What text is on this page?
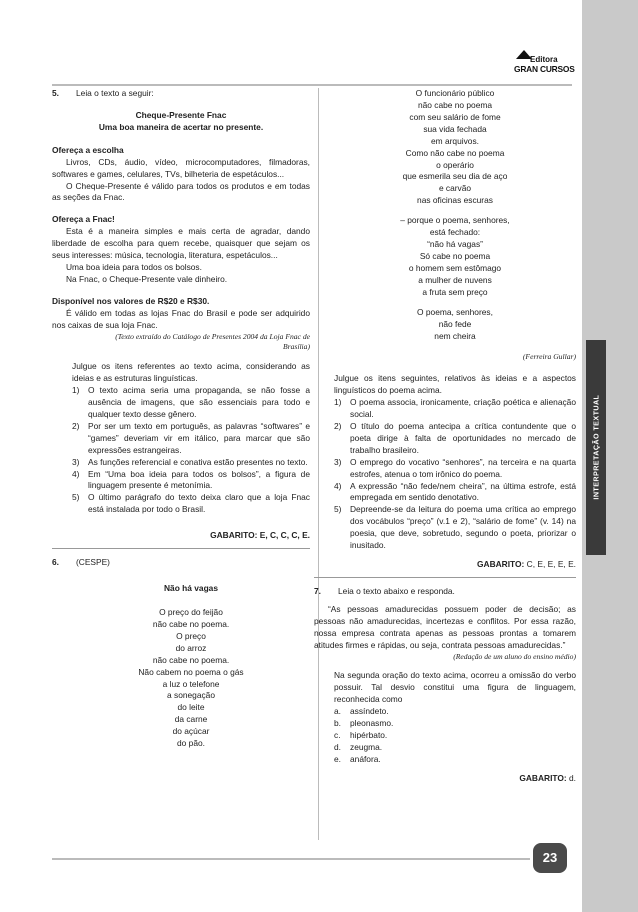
INTERPRETAÇÃO TEXTUAL
Editora
GRAN CURSOS
5.	Leia o texto a seguir:
Cheque-Presente Fnac
Uma boa maneira de acertar no presente.
Ofereça a escolha

Livros, CDs, áudio, vídeo, microcomputadores, filmadoras, softwares e games, celulares, TVs, bilheteria de espetáculos...

O Cheque-Presente é válido para todos os produtos e em todas as seções da Fnac.

Ofereça a Fnac!

Esta é a maneira simples e mais certa de agradar, dando liberdade de escolha para quem recebe, quaisquer que sejam os seus interesses: música, tecnologia, literatura, espetáculos...

Uma boa ideia para todos os bolsos.

Na Fnac, o Cheque-Presente vale dinheiro.

Disponível nos valores de R$20 e R$30.

É válido em todas as lojas Fnac do Brasil e pode ser adquirido nos caixas de sua loja Fnac.

(Texto extraído do Catálogo de Presentes 2004 da Loja Fnac de Brasília)

Julgue os itens referentes ao texto acima, considerando as ideias e as estruturas linguísticas.

1)	O texto acima seria uma propaganda, se não fosse a ausência de imagens, que são essenciais para todo e qualquer texto desse gênero.
2)	Por ser um texto em português, as palavras “softwares” e “games” deveriam vir em itálico, para marcar que são expressões estrangeiras.
3)	As funções referencial e conativa estão presentes no texto.
4)	Em “Uma boa ideia para todos os bolsos”, a figura de linguagem presente é metonímia.
5)	O último parágrafo do texto deixa claro que a loja Fnac está instalada por todo o Brasil.
GABARITO: E, C, C, C, E.
6.	(CESPE)
Não há vagas
O preço do feijão
não cabe no poema.
O preço
do arroz
não cabe no poema.
Não cabem no poema o gás
a luz o telefone
a sonegação
do leite
da carne
do açúcar
do pão.
O funcionário público
não cabe no poema
com seu salário de fome
sua vida fechada
em arquivos.
Como não cabe no poema
o operário
que esmerila seu dia de aço
e carvão
nas oficinas escuras
– porque o poema, senhores,
está fechado:
“não há vagas”
Só cabe no poema
o homem sem estômago
a mulher de nuvens
a fruta sem preço
O poema, senhores,
não fede
nem cheira

(Ferreira Gullar)

Julgue os itens seguintes, relativos às ideias e a aspectos linguísticos do poema acima.

1)	O poema associa, ironicamente, criação poética e alienação social.
2)	O título do poema antecipa a crítica contundente que o poeta dirige à falta de oportunidades no mercado de trabalho brasileiro.
3)	O emprego do vocativo “senhores”, na terceira e na quarta estrofes, atenua o tom irônico do poema.
4)	A expressão “não fede/nem cheira”, na última estrofe, está empregada em sentido denotativo.
5)	Depreende-se da leitura do poema uma crítica ao emprego dos vocábulos “preço” (v.1 e 2), “salário de fome” (v. 14) na poesia, que deve, sobretudo, segundo o poeta, priorizar o inusitado.
GABARITO: C, E, E, E, E.
7.	Leia o texto abaixo e responda.

“As pessoas amadurecidas possuem poder de decisão; as pessoas não amadurecidas, incertezas e conflitos. Por essa razão, nossa empresa contrata apenas as pessoas prontas a tomarem atitudes firmes e rápidas, ou seja, contrata pessoas amadurecidas.”

(Redação de um aluno do ensino médio)

Na segunda oração do texto acima, ocorreu a omissão do verbo possuir. Tal desvio constitui uma figura de linguagem, reconhecida como

a.	assíndeto.
b.	pleonasmo.
c.	hipérbato.
d.	zeugma.
e.	anáfora.
GABARITO: d.
23
